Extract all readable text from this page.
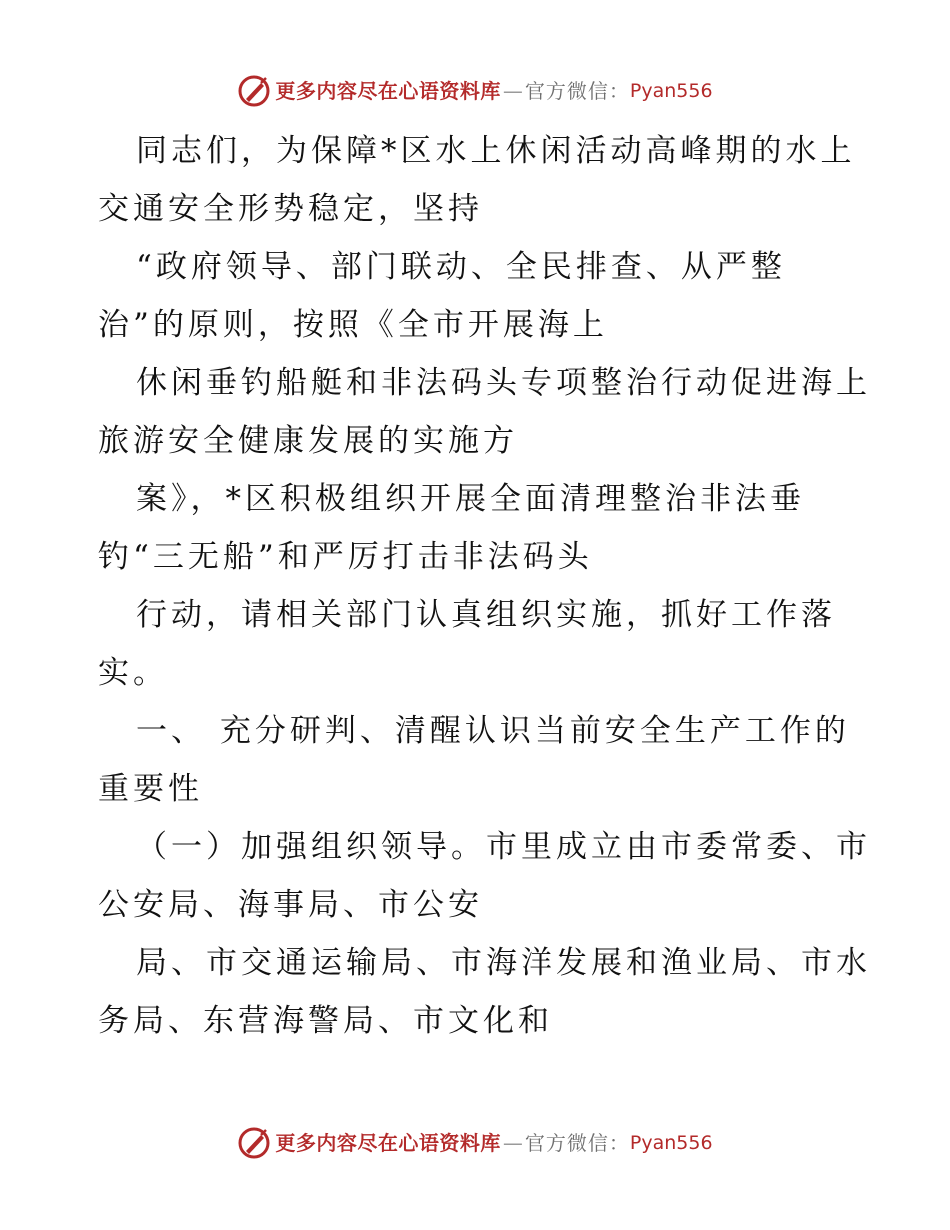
更多内容尽在心语资料库 — 官方微信： Pyan556
同志们，为保障*区水上休闲活动高峰期的水上
交通安全形势稳定，坚持
“政府领导、部门联动、全民排查、从严整
治”的原则，按照《全市开展海上
休闲垂钓船艇和非法码头专项整治行动促进海上
旅游安全健康发展的实施方
案》，*区积极组织开展全面清理整治非法垂
钓“三无船”和严厉打击非法码头
行动，请相关部门认真组织实施，抓好工作落
实。
一、 充分研判、清醒认识当前安全生产工作的
重要性
（一）加强组织领导。市里成立由市委常委、市
公安局、海事局、市公安
局、市交通运输局、市海洋发展和渔业局、市水
务局、东营海警局、市文化和
更多内容尽在心语资料库 — 官方微信： Pyan556
